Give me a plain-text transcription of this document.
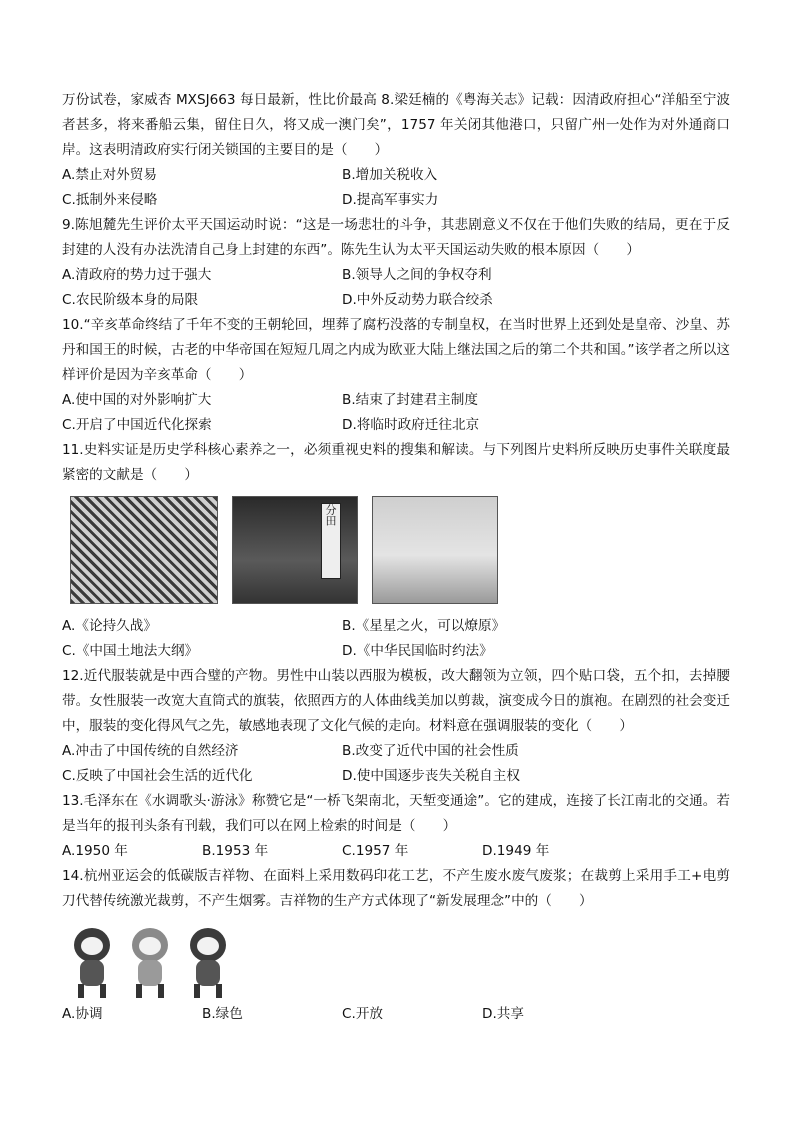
万份试卷，家威杏 MXSJ663 每日最新，性比价最高 8.梁廷楠的《粤海关志》记载：因清政府担心“洋船至宁波者甚多，将来番船云集，留住日久，将又成一澳门矣”，1757 年关闭其他港口，只留广州一处作为对外通商口岸。这表明清政府实行闭关锁国的主要目的是（　　）

A.禁止对外贸易	B.增加关税收入
C.抵制外来侵略	D.提高军事实力

9.陈旭麓先生评价太平天国运动时说：“这是一场悲壮的斗争，其悲剧意义不仅在于他们失败的结局，更在于反封建的人没有办法洗清自己身上封建的东西”。陈先生认为太平天国运动失败的根本原因（　　）

A.清政府的势力过于强大	B.领导人之间的争权夺利
C.农民阶级本身的局限	D.中外反动势力联合绞杀

10.“辛亥革命终结了千年不变的王朝轮回，埋葬了腐朽没落的专制皇权，在当时世界上还到处是皇帝、沙皇、苏丹和国王的时候，古老的中华帝国在短短几周之内成为欧亚大陆上继法国之后的第二个共和国。”该学者之所以这样评价是因为辛亥革命（　　）

A.使中国的对外影响扩大	B.结束了封建君主制度
C.开启了中国近代化探索	D.将临时政府迁往北京

11.史料实证是历史学科核心素养之一，必须重视史料的搜集和解读。与下列图片史料所反映历史事件关联度最紧密的文献是（　　）

分田
A.《论持久战》	B.《星星之火，可以燎原》
C.《中国土地法大纲》	D.《中华民国临时约法》

12.近代服装就是中西合璧的产物。男性中山装以西服为模板，改大翻领为立领，四个贴口袋，五个扣，去掉腰带。女性服装一改宽大直筒式的旗装，依照西方的人体曲线美加以剪裁，演变成今日的旗袍。在剧烈的社会变迁中，服装的变化得风气之先，敏感地表现了文化气候的走向。材料意在强调服装的变化（　　）

A.冲击了中国传统的自然经济	B.改变了近代中国的社会性质
C.反映了中国社会生活的近代化	D.使中国逐步丧失关税自主权

13.毛泽东在《水调歌头·游泳》称赞它是“一桥飞架南北，天堑变通途”。它的建成，连接了长江南北的交通。若是当年的报刊头条有刊载，我们可以在网上检索的时间是（　　）

A.1950 年	B.1953 年	C.1957 年	D.1949 年

14.杭州亚运会的低碳版吉祥物、在面料上采用数码印花工艺，不产生废水废气废浆；在裁剪上采用手工+电剪刀代替传统激光裁剪，不产生烟雾。吉祥物的生产方式体现了“新发展理念”中的（　　）

A.协调	B.绿色	C.开放	D.共享
